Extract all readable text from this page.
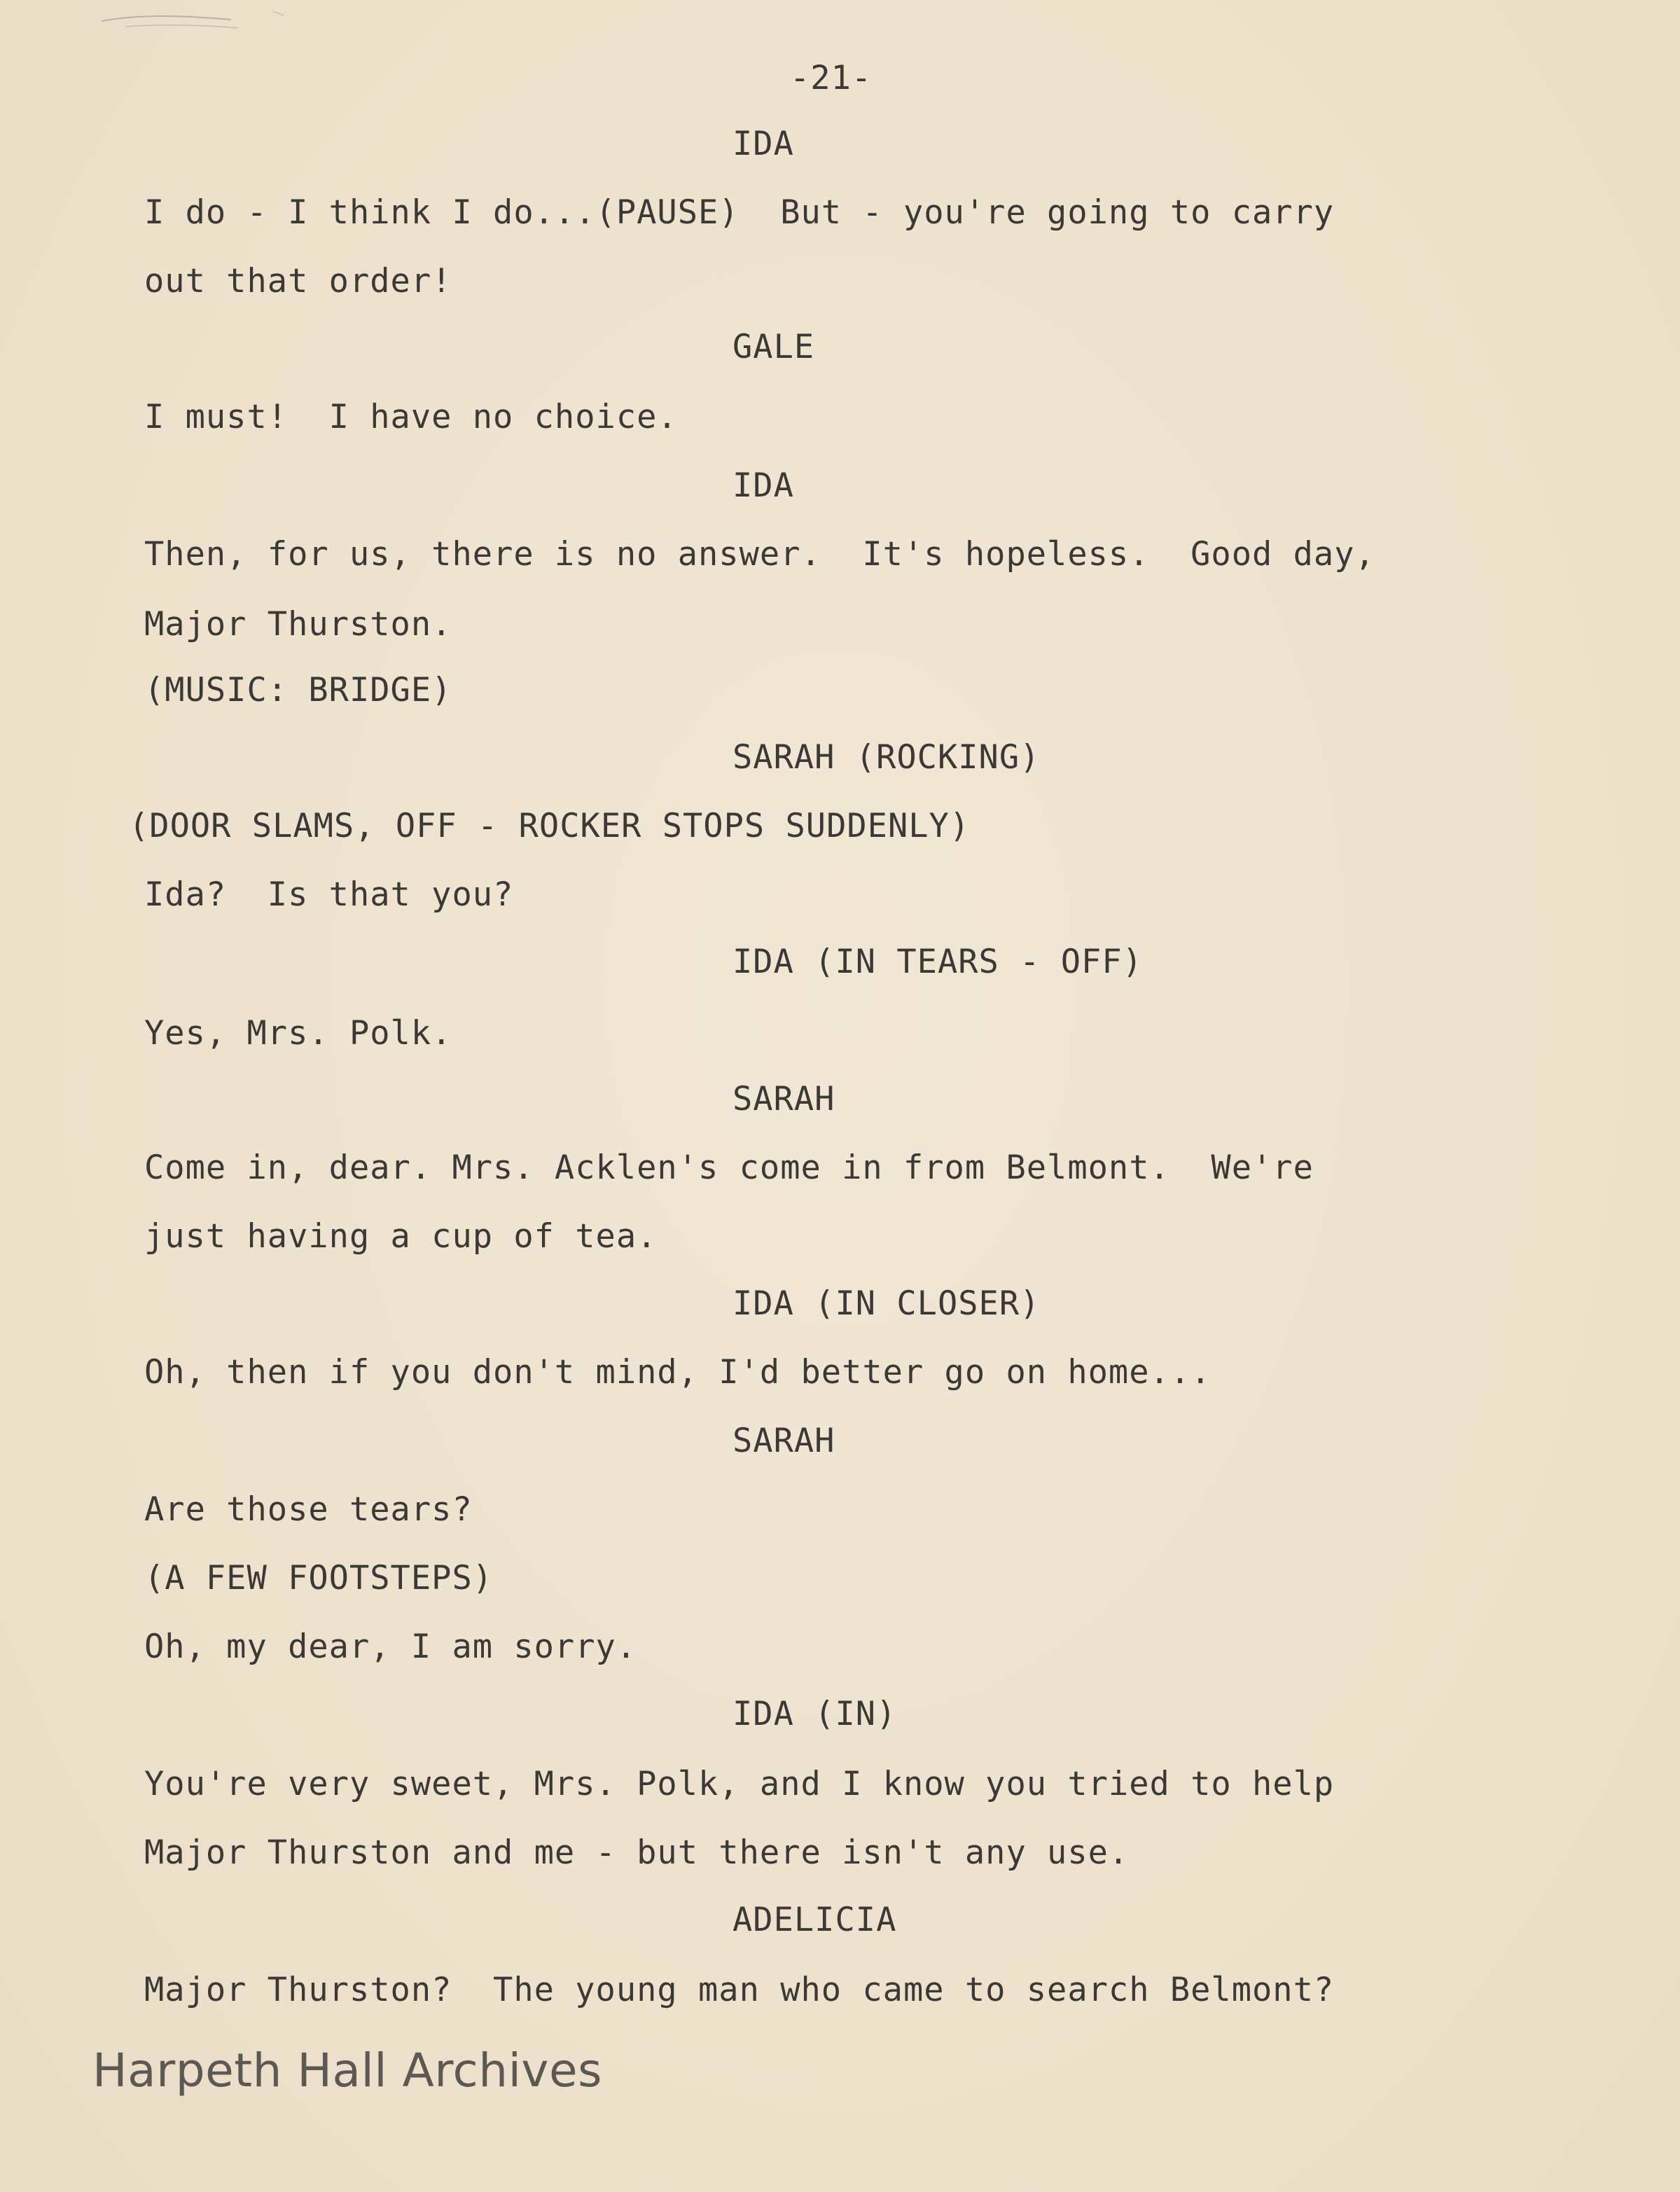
-21-
IDA
I do - I think I do...(PAUSE)  But - you're going to carry
out that order!
GALE
I must!  I have no choice.
IDA
Then, for us, there is no answer.  It's hopeless.  Good day,
Major Thurston.
(MUSIC: BRIDGE)
SARAH (ROCKING)
(DOOR SLAMS, OFF - ROCKER STOPS SUDDENLY)
Ida?  Is that you?
IDA (IN TEARS - OFF)
Yes, Mrs. Polk.
SARAH
Come in, dear. Mrs. Acklen's come in from Belmont.  We're
just having a cup of tea.
IDA (IN CLOSER)
Oh, then if you don't mind, I'd better go on home...
SARAH
Are those tears?
(A FEW FOOTSTEPS)
Oh, my dear, I am sorry.
IDA (IN)
You're very sweet, Mrs. Polk, and I know you tried to help
Major Thurston and me - but there isn't any use.
ADELICIA
Major Thurston?  The young man who came to search Belmont?
Harpeth Hall Archives
